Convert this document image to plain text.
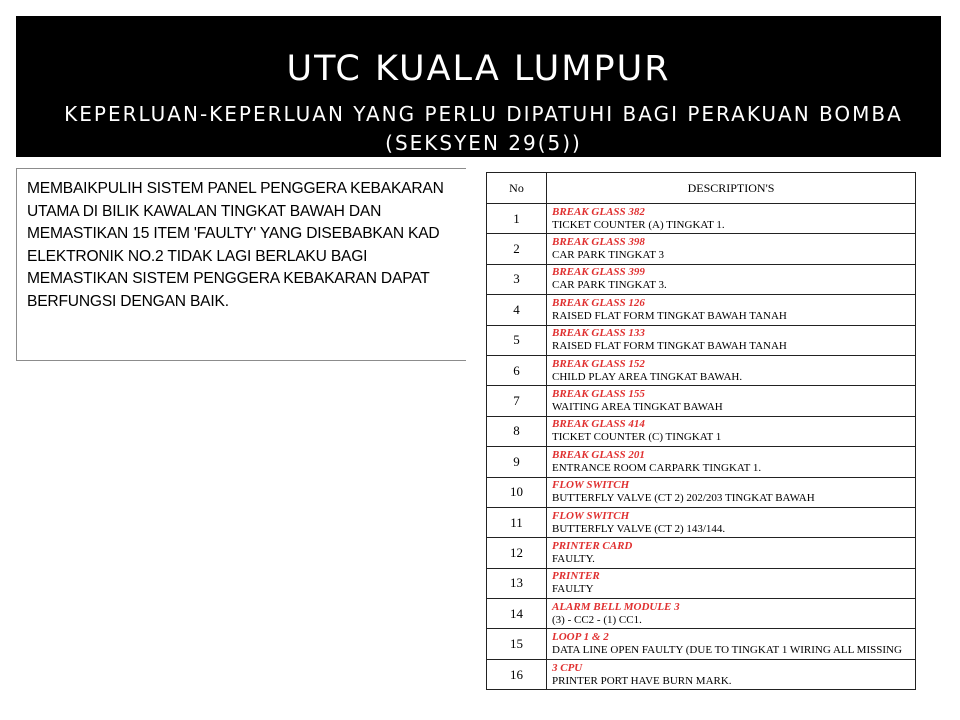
UTC KUALA LUMPUR
KEPERLUAN-KEPERLUAN YANG PERLU DIPATUHI BAGI PERAKUAN BOMBA (SEKSYEN 29(5))
MEMBAIKPULIH SISTEM PANEL PENGGERA KEBAKARAN UTAMA DI BILIK KAWALAN TINGKAT BAWAH DAN MEMASTIKAN 15 ITEM 'FAULTY' YANG DISEBABKAN KAD ELEKTRONIK NO.2 TIDAK LAGI BERLAKU BAGI MEMASTIKAN SISTEM PENGGERA KEBAKARAN DAPAT BERFUNGSI DENGAN BAIK.
No	DESCRIPTION'S
1	BREAK GLASS 382
TICKET COUNTER (A) TINGKAT 1.

2	BREAK GLASS 398
CAR PARK TINGKAT 3

3	BREAK GLASS 399
CAR PARK TINGKAT 3.

4	BREAK GLASS 126
RAISED FLAT FORM TINGKAT BAWAH TANAH

5	BREAK GLASS 133
RAISED FLAT FORM TINGKAT BAWAH TANAH

6	BREAK GLASS 152
CHILD PLAY AREA TINGKAT BAWAH.

7	BREAK GLASS 155
WAITING AREA TINGKAT BAWAH

8	BREAK GLASS 414
TICKET COUNTER (C) TINGKAT 1

9	BREAK GLASS 201
ENTRANCE ROOM CARPARK TINGKAT 1.

10	FLOW SWITCH
BUTTERFLY VALVE (CT 2) 202/203 TINGKAT BAWAH

11	FLOW SWITCH
BUTTERFLY VALVE (CT 2) 143/144.

12	PRINTER CARD
FAULTY.

13	PRINTER
FAULTY

14	ALARM BELL MODULE 3
(3) - CC2 - (1) CC1.

15	LOOP 1 & 2
DATA LINE OPEN FAULTY (DUE TO TINGKAT 1 WIRING ALL MISSING

16	3 CPU
PRINTER PORT HAVE BURN MARK.
